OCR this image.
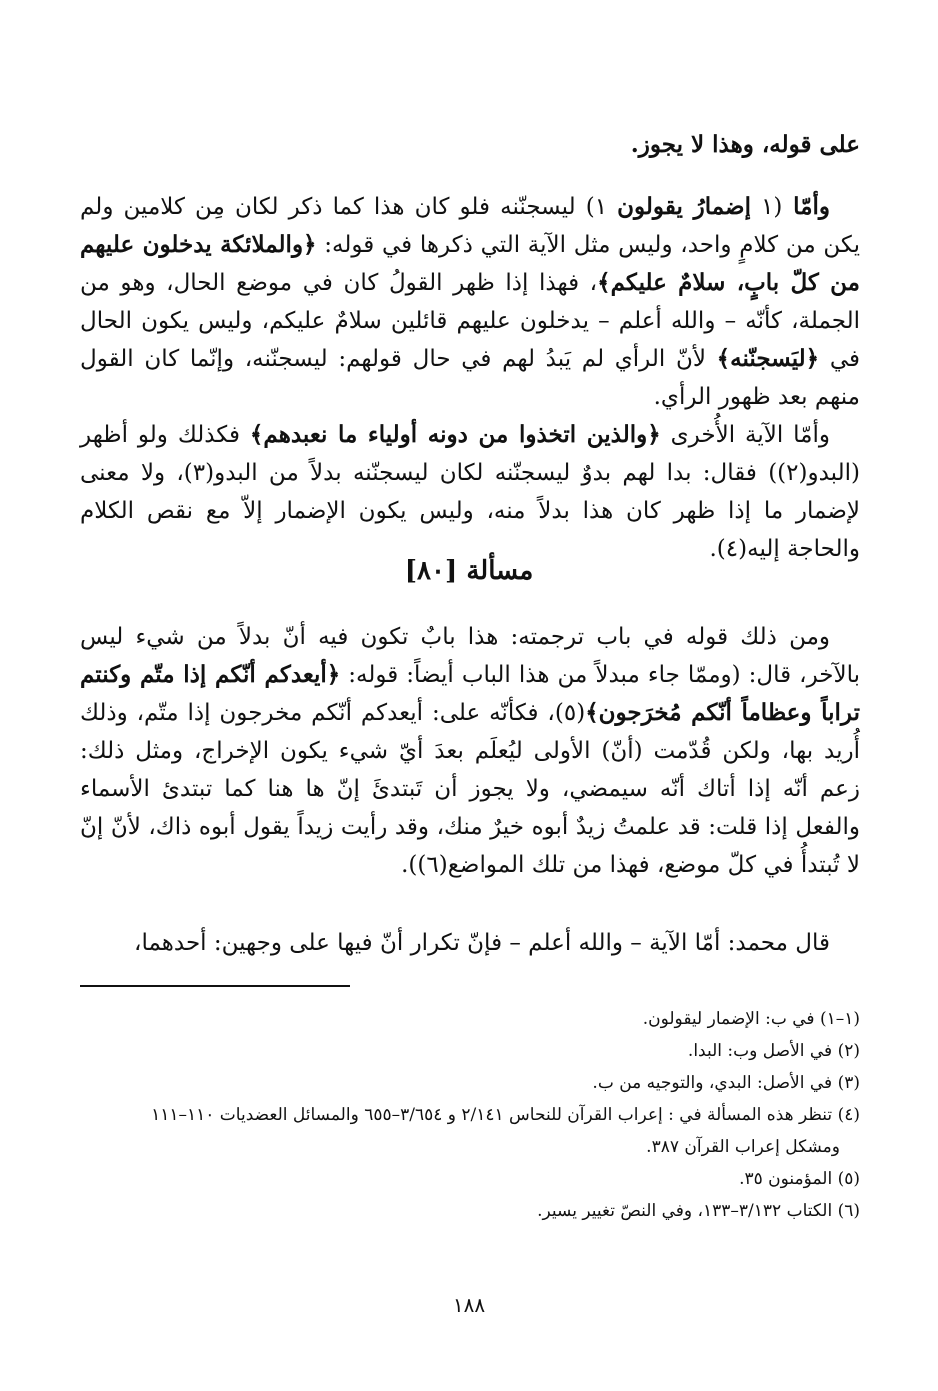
على قوله، وهذا لا يجوز.
وأمّا (١ إضمارُ يقولون ١) ليسجنّنه فلو كان هذا كما ذكر لكان مِن كلامين ولم يكن من كلامٍ واحد، وليس مثل الآية التي ذكرها في قوله: ﴿والملائكة يدخلون عليهم من كلّ بابٍ، سلامٌ عليكم﴾، فهذا إذا ظهر القولُ كان في موضع الحال، وهو من الجملة، كأنّه – والله أعلم – يدخلون عليهم قائلين سلامٌ عليكم، وليس يكون الحال في ﴿ليَسجنّنه﴾ لأنّ الرأي لم يَبدُ لهم في حال قولهم: ليسجنّنه، وإنّما كان القول منهم بعد ظهور الرأي.
وأمّا الآية الأُخرى ﴿والذين اتخذوا من دونه أولياء ما نعبدهم﴾ فكذلك ولو أظهر (البدو(٢)) فقال: بدا لهم بدوٌ ليسجنّنه لكان ليسجنّنه بدلاً من البدو(٣)، ولا معنى لإضمار ما إذا ظهر كان هذا بدلاً منه، وليس يكون الإضمار إلاّ مع نقص الكلام والحاجة إليه(٤).
مسألة [٨٠]
ومن ذلك قوله في باب ترجمته: هذا بابٌ تكون فيه أنّ بدلاً من شيء ليس بالآخر، قال: (وممّا جاء مبدلاً من هذا الباب أيضاً: قوله: ﴿أيعدكم أنّكم إذا متّم وكنتم تراباً وعظاماً أنّكم مُخرَجون﴾(٥)، فكأنّه على: أيعدكم أنّكم مخرجون إذا متّم، وذلك أُريد بها، ولكن قُدّمت (أنّ) الأولى ليُعلَم بعدَ أيّ شيء يكون الإخراج، ومثل ذلك: زعم أنّه إذا أتاك أنّه سيمضي، ولا يجوز أن تَبتدئَ إنّ ها هنا كما تبتدئ الأسماء والفعل إذا قلت: قد علمتُ زيدٌ أبوه خيرٌ منك، وقد رأيت زيداً يقول أبوه ذاك، لأنّ إنّ لا تُبتدأُ في كلّ موضع، فهذا من تلك المواضع(٦)).
قال محمد: أمّا الآية – والله أعلم – فإنّ تكرار أنّ فيها على وجهين: أحدهما،
(١–١) في ب: الإضمار ليقولون.
(٢) في الأصل وب: البدا.
(٣) في الأصل: البدي، والتوجيه من ب.
(٤) تنظر هذه المسألة في : إعراب القرآن للنحاس ٢/١٤١ و ٣/٦٥٤–٦٥٥ والمسائل العضديات ١١٠–١١١
ومشكل إعراب القرآن ٣٨٧.
(٥) المؤمنون ٣٥.
(٦) الكتاب ٣/١٣٢–١٣٣، وفي النصّ تغيير يسير.
١٨٨
